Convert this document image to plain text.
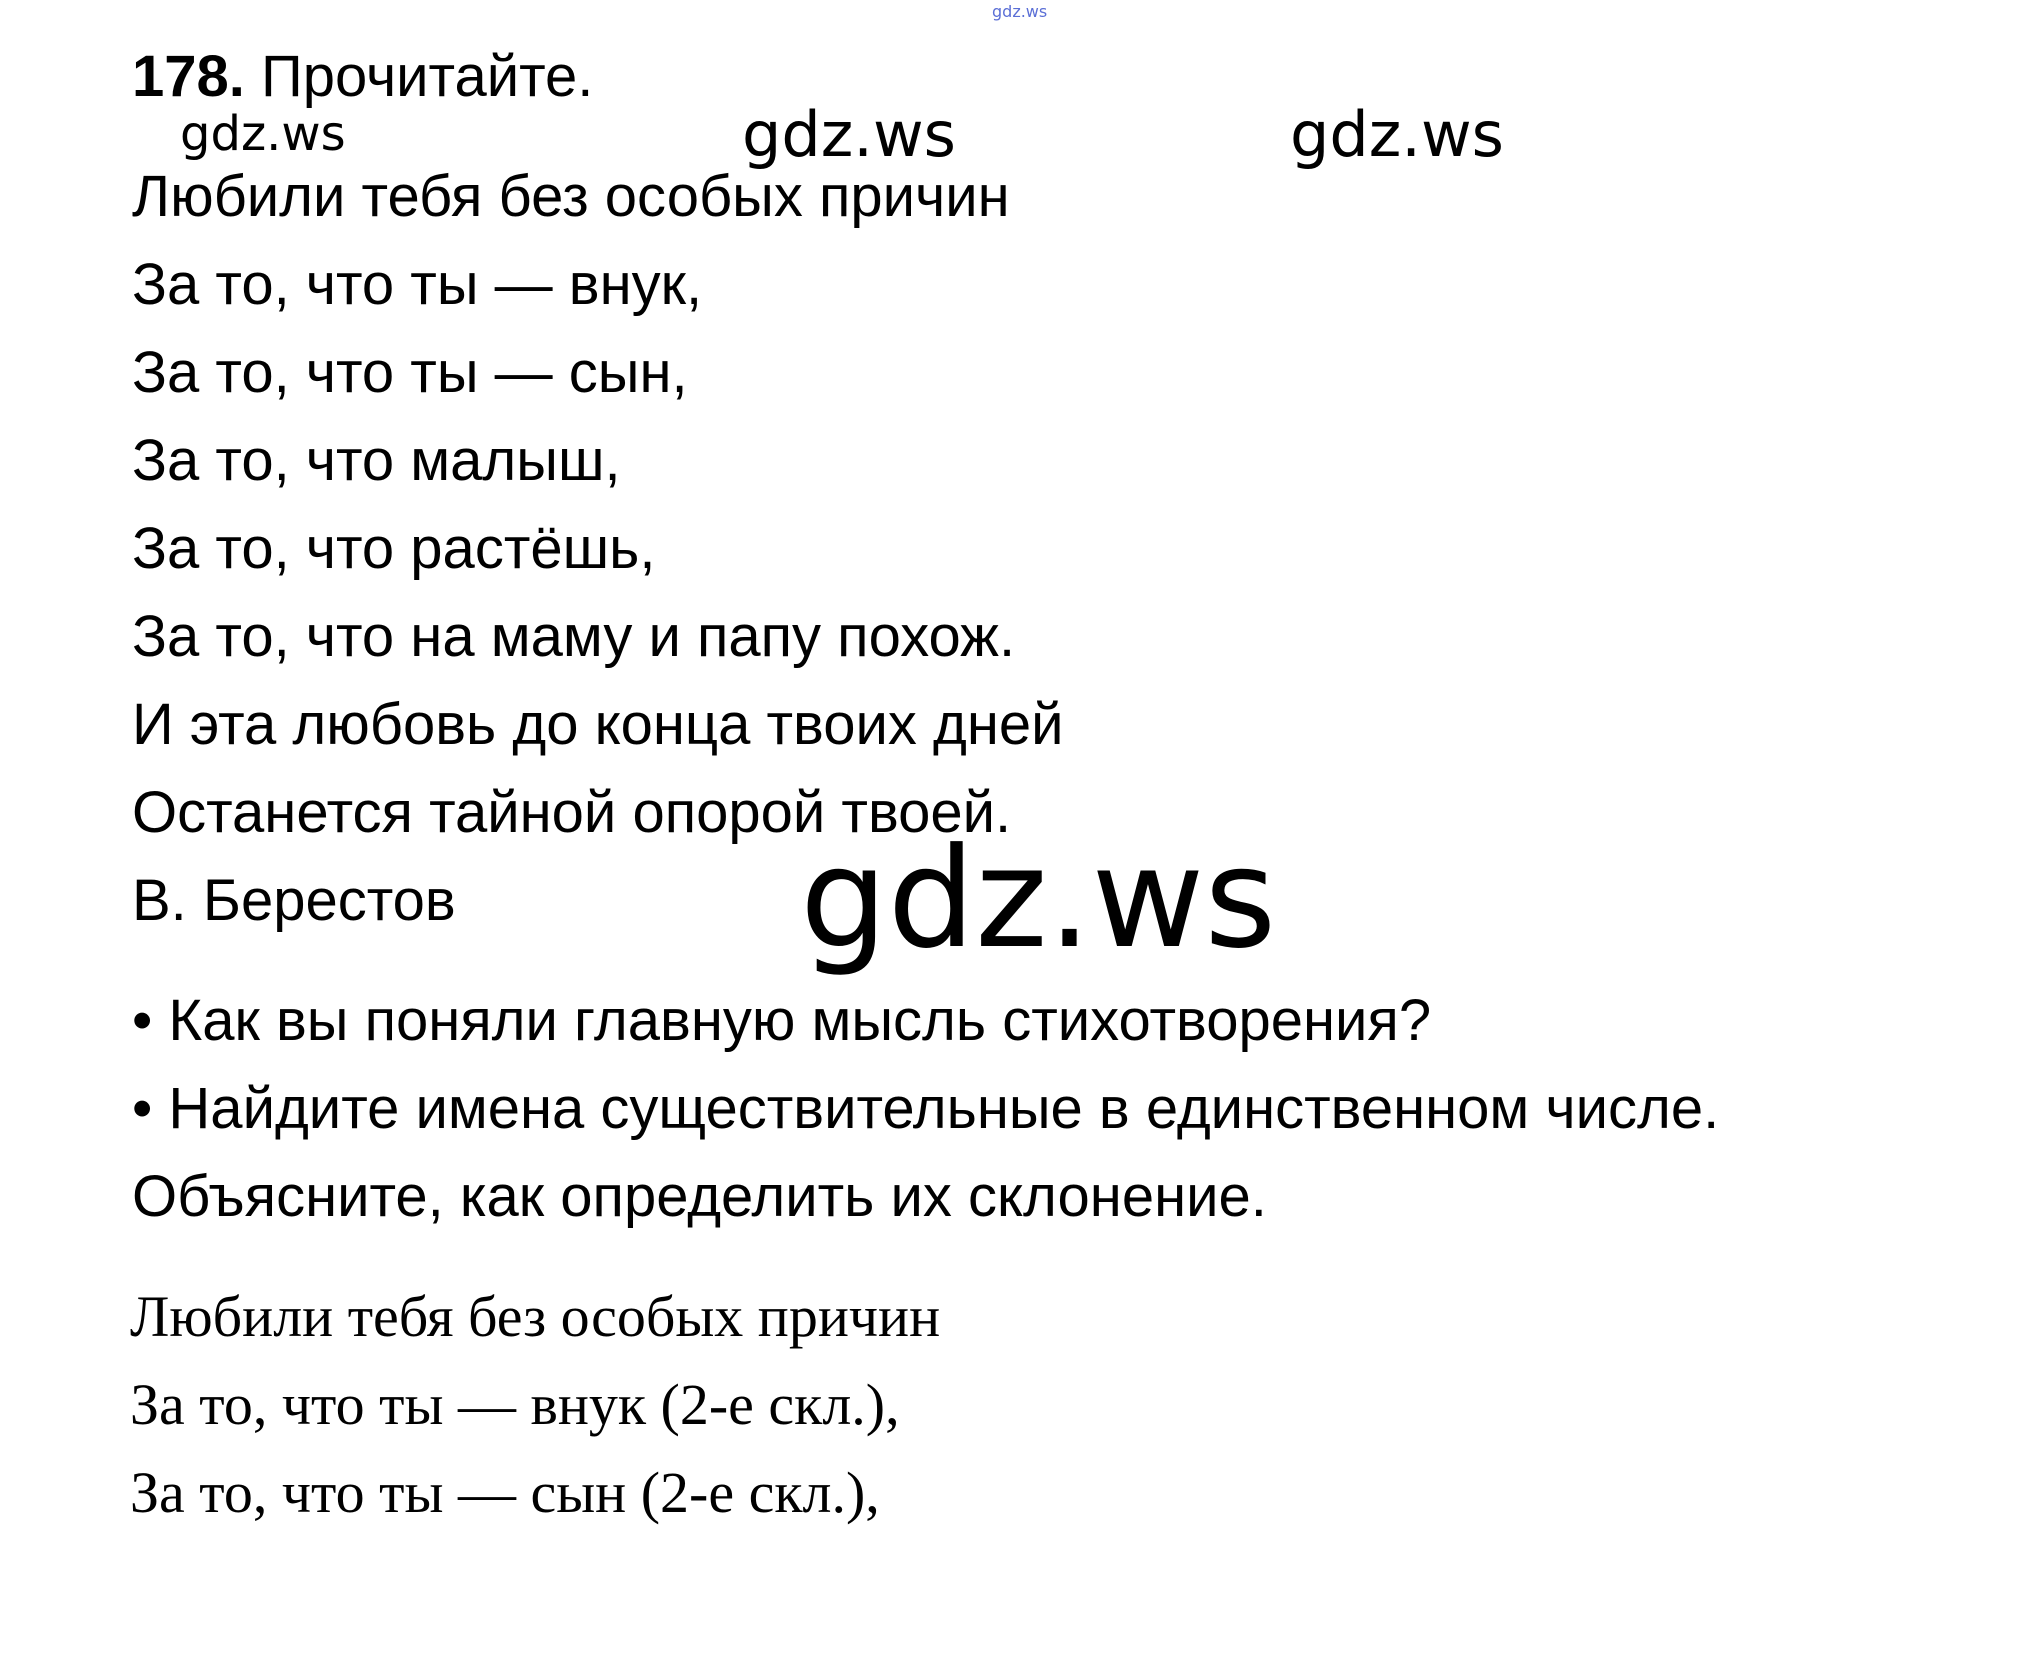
gdz.ws
178. Прочитайте.
gdz.ws	gdz.ws	gdz.ws
Любили тебя без особых причин
За то, что ты — внук,
За то, что ты — сын,
За то, что малыш,
За то, что растёшь,
За то, что на маму и папу похож.
И эта любовь до конца твоих дней
Останется тайной опорой твоей.
В. Берестов gdz.ws
• Как вы поняли главную мысль стихотворения?
• Найдите имена существительные в единственном числе.
Объясните, как определить их склонение.
Любили тебя без особых причин
За то, что ты — внук (2-е скл.),
За то, что ты — сын (2-е скл.),
